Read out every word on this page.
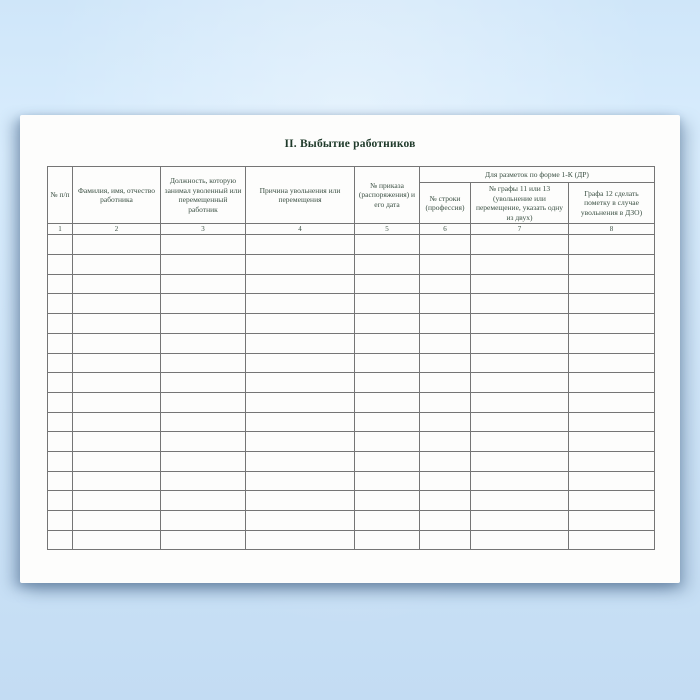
II. Выбытие работников
№ п/п	Фамилия, имя, отчество работника	Должность, которую занимал уволенный или перемещенный работник	Причина увольнения или перемещения	№ приказа (распоряжения) и его дата	Для разметок по форме 1-К (ДР)		
					№ строки (профессия)	№ графы 11 или 13 (увольнение или перемещение, указать одну из двух)	Графа 12 сделать пометку в случае увольнения в ДЗО)
1	2	3	4	5	6	7	8
